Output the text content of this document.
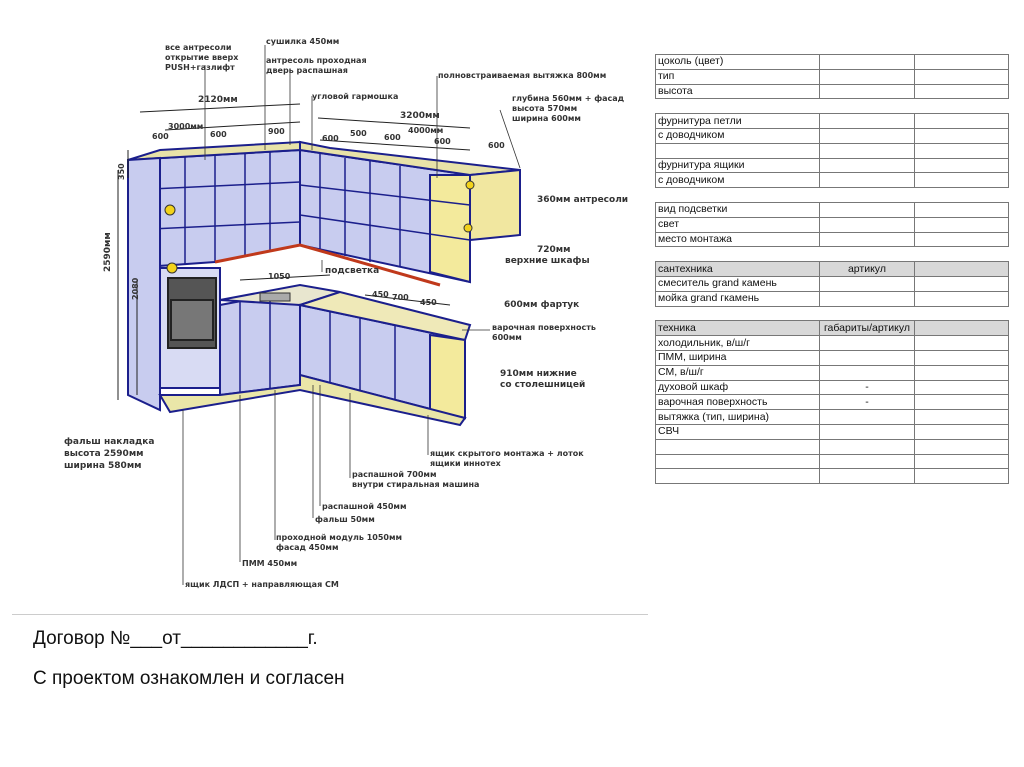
все антресоли
открытие вверх
PUSH+газлифт
сушилка 450мм
антресоль проходная
дверь распашная
угловой гармошка
полновстраиваемая вытяжка 800мм
глубина 560мм + фасад
высота 570мм
ширина 600мм
360мм антресоли
720мм
верхние шкафы
подсветка
600мм фартук
варочная поверхность
600мм
910мм нижние
со столешницей
фальш накладка
высота 2590мм
ширина 580мм
ящик скрытого монтажа + лоток
ящики иннотех
распашной 700мм
внутри стиральная машина
распашной 450мм
фальш 50мм
проходной модуль 1050мм
фасад 450мм
ПММ 450мм
ящик ЛДСП + направляющая СМ
2120мм
3200мм
3000мм	4000мм
600	600	900
600
500 600	600	600
2590мм
2080
350
1050
450 700
450
цоколь (цвет)		
тип		
высота		

фурнитура петли		
с доводчиком		

фурнитура ящики		
с доводчиком		

вид подсветки		
свет		
место монтажа		

сантехника	артикул	
смеситель grand камень		
мойка grand гкамень		

техника	габариты/артикул	
холодильник, в/ш/г		
ПММ, ширина		
СМ, в/ш/г		
духовой шкаф	-	
варочная поверхность	-	
вытяжка (тип, ширина)		
СВЧ		

Договор №___от____________г.
С проектом ознакомлен и согласен
